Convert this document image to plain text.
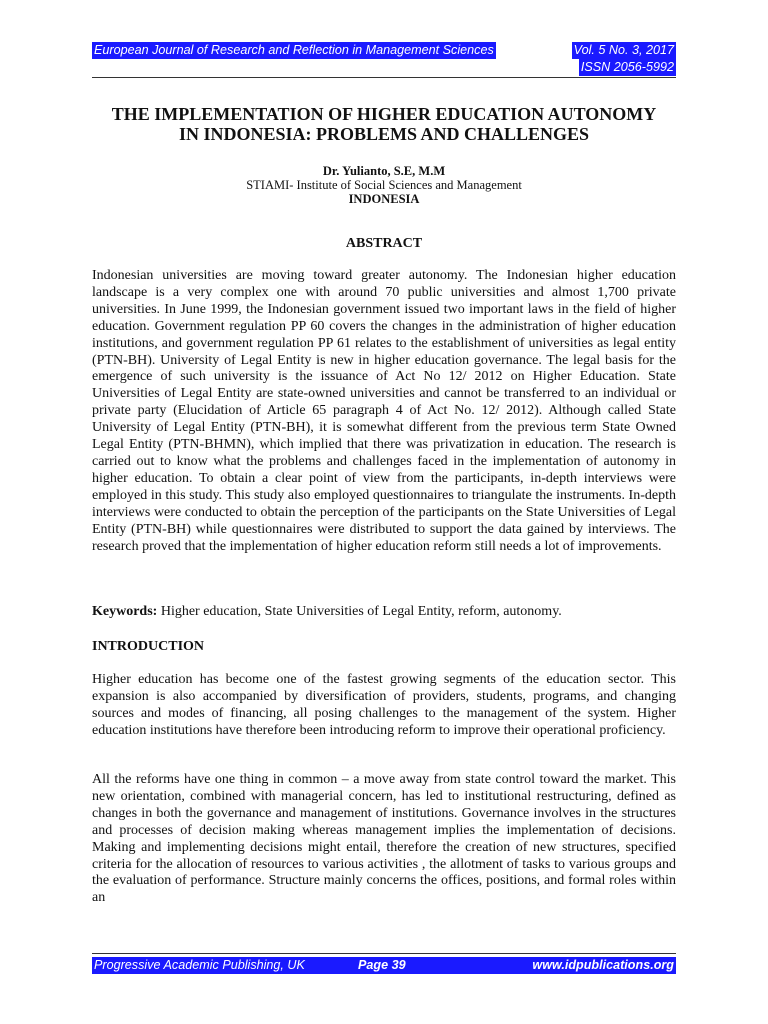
European Journal of Research and Reflection in Management Sciences	Vol. 5 No. 3, 2017
ISSN 2056-5992
THE IMPLEMENTATION OF HIGHER EDUCATION AUTONOMY
IN INDONESIA: PROBLEMS AND CHALLENGES
Dr. Yulianto, S.E, M.M
STIAMI- Institute of Social Sciences and Management
INDONESIA
ABSTRACT

Indonesian universities are moving toward greater autonomy. The Indonesian higher education landscape is a very complex one with around 70 public universities and almost 1,700 private universities. In June 1999, the Indonesian government issued two important laws in the field of higher education. Government regulation PP 60 covers the changes in the administration of higher education institutions, and government regulation PP 61 relates to the establishment of universities as legal entity (PTN-BH). University of Legal Entity is new in higher education governance. The legal basis for the emergence of such university is the issuance of Act No 12/ 2012 on Higher Education. State Universities of Legal Entity are state-owned universities and cannot be transferred to an individual or private party (Elucidation of Article 65 paragraph 4 of Act No. 12/ 2012). Although called State University of Legal Entity (PTN-BH), it is somewhat different from the previous term State Owned Legal Entity (PTN-BHMN), which implied that there was privatization in education. The research is carried out to know what the problems and challenges faced in the implementation of autonomy in higher education. To obtain a clear point of view from the participants, in-depth interviews were employed in this study. This study also employed questionnaires to triangulate the instruments. In-depth interviews were conducted to obtain the perception of the participants on the State Universities of Legal Entity (PTN-BH) while questionnaires were distributed to support the data gained by interviews. The research proved that the implementation of higher education reform still needs a lot of improvements.

Keywords: Higher education, State Universities of Legal Entity, reform, autonomy.

INTRODUCTION

Higher education has become one of the fastest growing segments of the education sector. This expansion is also accompanied by diversification of providers, students, programs, and changing sources and modes of financing, all posing challenges to the management of the system. Higher education institutions have therefore been introducing reform to improve their operational proficiency.

All the reforms have one thing in common – a move away from state control toward the market. This new orientation, combined with managerial concern, has led to institutional restructuring, defined as changes in both the governance and management of institutions. Governance involves in the structures and processes of decision making whereas management implies the implementation of decisions. Making and implementing decisions might entail, therefore the creation of new structures, specified criteria for the allocation of resources to various activities , the allotment of tasks to various groups and the evaluation of performance. Structure mainly concerns the offices, positions, and formal roles within an

Progressive Academic Publishing, UK	Page 39	www.idpublications.org
